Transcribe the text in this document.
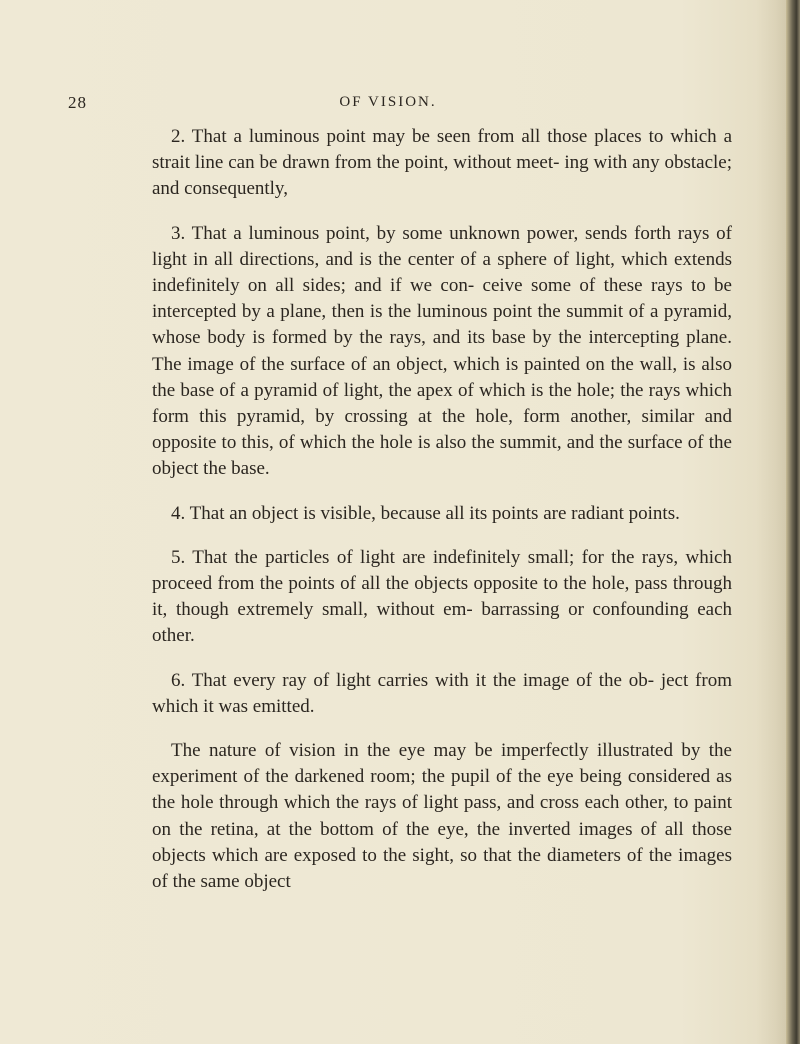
28	OF VISION.

2. That a luminous point may be seen from all those places to which a strait line can be drawn from the point, without meet- ing with any obstacle; and consequently,

3. That a luminous point, by some unknown power, sends forth rays of light in all directions, and is the center of a sphere of light, which extends indefinitely on all sides; and if we con- ceive some of these rays to be intercepted by a plane, then is the luminous point the summit of a pyramid, whose body is formed by the rays, and its base by the intercepting plane. The image of the surface of an object, which is painted on the wall, is also the base of a pyramid of light, the apex of which is the hole; the rays which form this pyramid, by crossing at the hole, form another, similar and opposite to this, of which the hole is also the summit, and the surface of the object the base.

4. That an object is visible, because all its points are radiant points.

5. That the particles of light are indefinitely small; for the rays, which proceed from the points of all the objects opposite to the hole, pass through it, though extremely small, without em- barrassing or confounding each other.

6. That every ray of light carries with it the image of the ob- ject from which it was emitted.

The nature of vision in the eye may be imperfectly illustrated by the experiment of the darkened room; the pupil of the eye being considered as the hole through which the rays of light pass, and cross each other, to paint on the retina, at the bottom of the eye, the inverted images of all those objects which are exposed to the sight, so that the diameters of the images of the same object
